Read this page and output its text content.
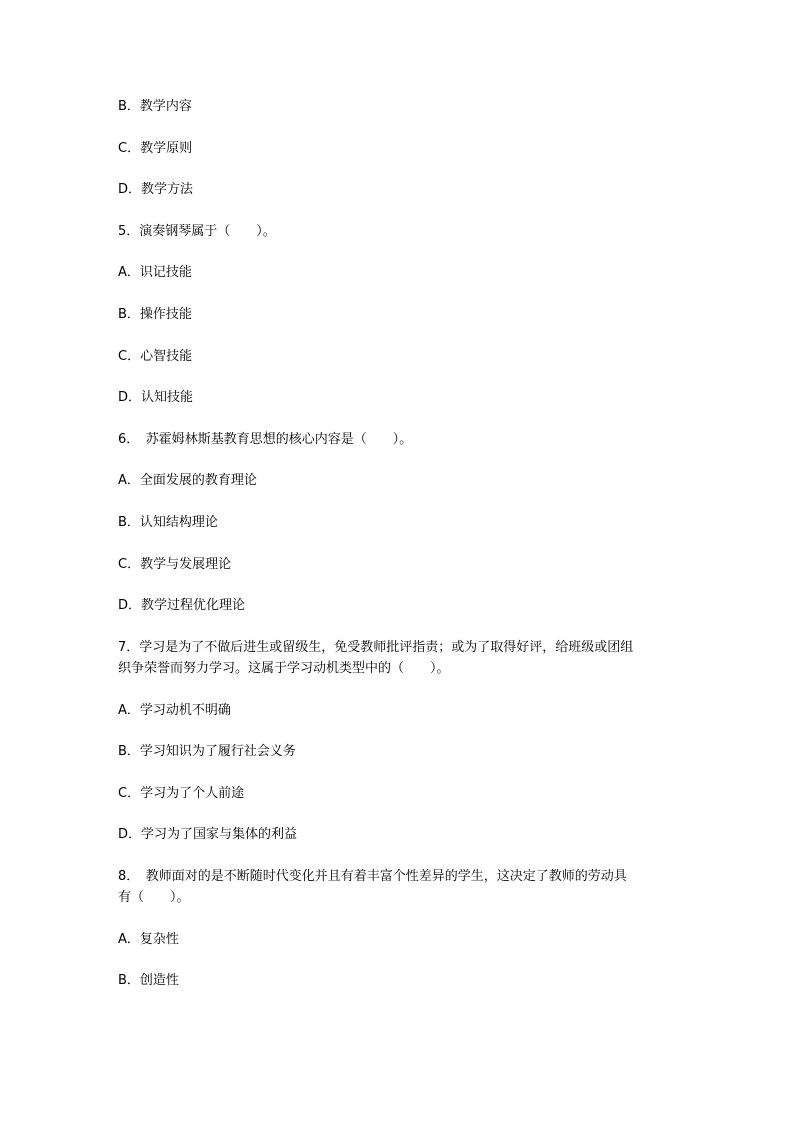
B．教学内容
C．教学原则
D．教学方法
5．演奏钢琴属于（　　）。
A．识记技能
B．操作技能
C．心智技能
D．认知技能
6．　苏霍姆林斯基教育思想的核心内容是（　　）。
A．全面发展的教育理论
B．认知结构理论
C．教学与发展理论
D．教学过程优化理论
7．学习是为了不做后进生或留级生，免受教师批评指责；或为了取得好评，给班级或团组
织争荣誉而努力学习。这属于学习动机类型中的（　　）。
A．学习动机不明确
B．学习知识为了履行社会义务
C．学习为了个人前途
D．学习为了国家与集体的利益
8．　教师面对的是不断随时代变化并且有着丰富个性差异的学生，这决定了教师的劳动具
有（　　）。
A．复杂性
B．创造性
